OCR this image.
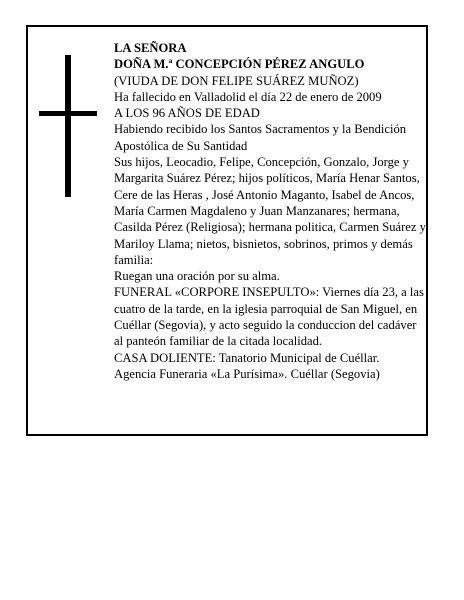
LA SEÑORA

DOÑA M.ª CONCEPCIÓN PÉREZ ANGULO

(VIUDA DE DON FELIPE SUÁREZ MUÑOZ)

Ha fallecido en Valladolid el día 22 de enero de 2009

A LOS 96 AÑOS DE EDAD

Habiendo recibido los Santos Sacramentos y la Bendición Apostólica de Su Santidad

Sus hijos, Leocadio, Felipe, Concepción, Gonzalo, Jorge y Margarita Suárez Pérez; hijos políticos, María Henar Santos, Cere de las Heras , José Antonio Maganto, Isabel de Ancos, María Carmen Magdaleno y Juan Manzanares; hermana, Casilda Pérez (Religiosa); hermana politica, Carmen Suárez y Mariloy Llama; nietos, bisnietos, sobrinos, primos y demás familia:

Ruegan una oración por su alma.

FUNERAL «CORPORE INSEPULTO»: Viernes día 23, a las cuatro de la tarde, en la iglesia parroquial de San Miguel, en Cuéllar (Segovia), y acto seguido la conduccion del cadáver al panteón familiar de la citada localidad.

CASA DOLIENTE: Tanatorio Municipal de Cuéllar.

Agencia Funeraria «La Purísima». Cuéllar (Segovia)
